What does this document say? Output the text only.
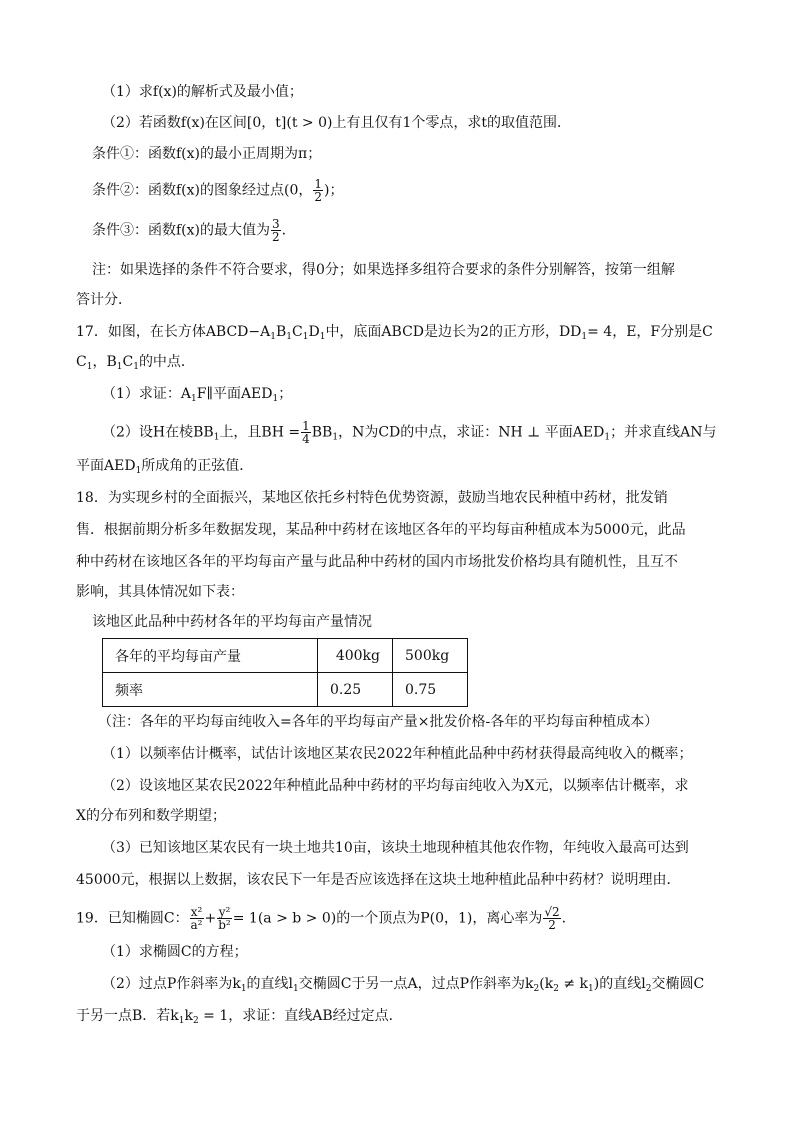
（1）求f(x)的解析式及最小值；
（2）若函数f(x)在区间[0，t](t > 0)上有且仅有1个零点，求t的取值范围．
条件①：函数f(x)的最小正周期为π；
条件②：函数f(x)的图象经过点(0， $\frac{1}{2}$ )；
条件③：函数f(x)的最大值为 $\frac{3}{2}$ ．
注：如果选择的条件不符合要求，得0分；如果选择多组符合要求的条件分别解答，按第一组解
答计分．
17．如图，在长方体$ABCD-A_1B_1C_1D_1$中，底面ABCD是边长为2的正方形，$DD_1= 4$，E，F分别是C
$C_1$，$B_1C_1$的中点．
（1）求证：$A_1F\parallel$平面$AED_1$；
（2）设H在棱$BB_1$上，且BH = $\frac{1}{4} BB_1$，N为CD的中点，求证：NH ⊥ 平面$AED_1$；并求直线AN与
平面$AED_1$所成角的正弦值．
18．为实现乡村的全面振兴，某地区依托乡村特色优势资源，鼓励当地农民种植中药材，批发销
售．根据前期分析多年数据发现，某品种中药材在该地区各年的平均每亩种植成本为5000元，此品
种中药材在该地区各年的平均每亩产量与此品种中药材的国内市场批发价格均具有随机性，且互不
影响，其具体情况如下表：
该地区此品种中药材各年的平均每亩产量情况
各年的平均每亩产量	400kg	500kg
频率	0.25	0.75
（注：各年的平均每亩纯收入=各年的平均每亩产量×批发价格-各年的平均每亩种植成本）
（1）以频率估计概率，试估计该地区某农民2022年种植此品种中药材获得最高纯收入的概率；
（2）设该地区某农民2022年种植此品种中药材的平均每亩纯收入为X元，以频率估计概率，求
X的分布列和数学期望；
（3）已知该地区某农民有一块土地共10亩，该块土地现种植其他农作物，年纯收入最高可达到
45000元，根据以上数据，该农民下一年是否应该选择在这块土地种植此品种中药材？说明理由．
19．已知椭圆C： $\frac{\text{x²}}{\text{a²}} + \frac{\text{y²}}{\text{b²}} = 1(a > b > 0)$的一个顶点为P(0，1)，离心率为 $\frac{√2}{2}$ ．
（1）求椭圆C的方程；
（2）过点P作斜率为$k_1$的直线$l_1$交椭圆C于另一点A，过点P作斜率为$k_2(k_2 \ne k_1)$的直线$l_2$交椭圆C
于另一点B．若$k_1k_2 = 1$，求证：直线AB经过定点．
